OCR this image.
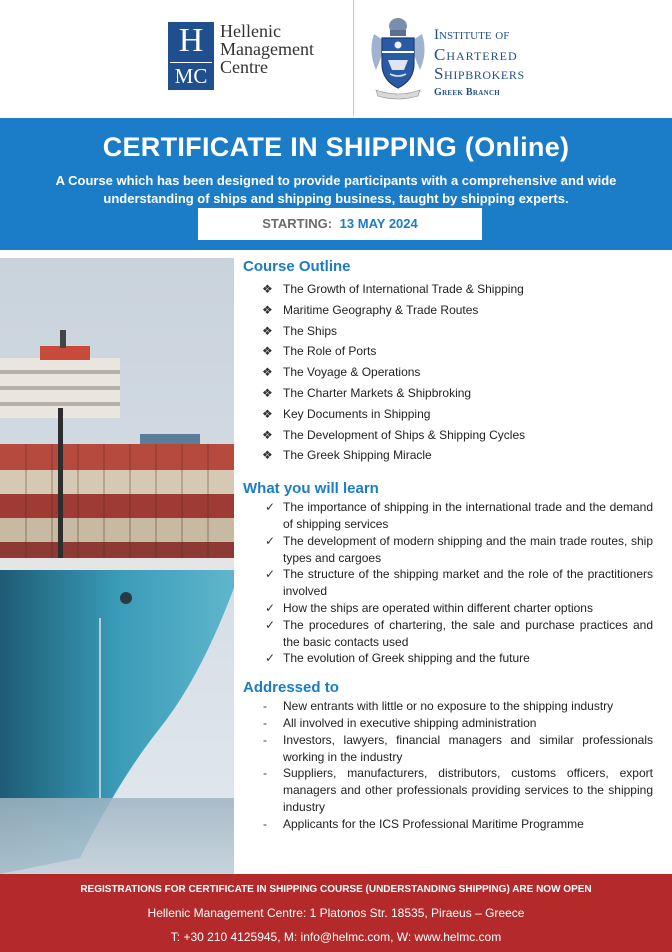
H
MC
Hellenic
Management
Centre
Institute of
Chartered
Shipbrokers
Greek Branch
CERTIFICATE IN SHIPPING (Online)
A Course which has been designed to provide participants with a comprehensive and wide understanding of ships and shipping business, taught by shipping experts.
STARTING: 13 MAY 2024
Course Outline
❖ The Growth of International Trade & Shipping
❖ Maritime Geography & Trade Routes
❖ The Ships
❖ The Role of Ports
❖ The Voyage & Operations
❖ The Charter Markets & Shipbroking
❖ Key Documents in Shipping
❖ The Development of Ships & Shipping Cycles
❖ The Greek Shipping Miracle
What you will learn
✓ The importance of shipping in the international trade and the demand of shipping services
✓ The development of modern shipping and the main trade routes, ship types and cargoes
✓ The structure of the shipping market and the role of the practitioners involved
✓ How the ships are operated within different charter options
✓ The procedures of chartering, the sale and purchase practices and the basic contacts used
✓ The evolution of Greek shipping and the future
Addressed to
- New entrants with little or no exposure to the shipping industry
- All involved in executive shipping administration
- Investors, lawyers, financial managers and similar professionals working in the industry
- Suppliers, manufacturers, distributors, customs officers, export managers and other professionals providing services to the shipping industry
- Applicants for the ICS Professional Maritime Programme
REGISTRATIONS FOR CERTIFICATE IN SHIPPING COURSE (UNDERSTANDING SHIPPING) ARE NOW OPEN
Hellenic Management Centre: 1 Platonos Str. 18535, Piraeus – Greece
T: +30 210 4125945, M: info@helmc.com, W: www.helmc.com
